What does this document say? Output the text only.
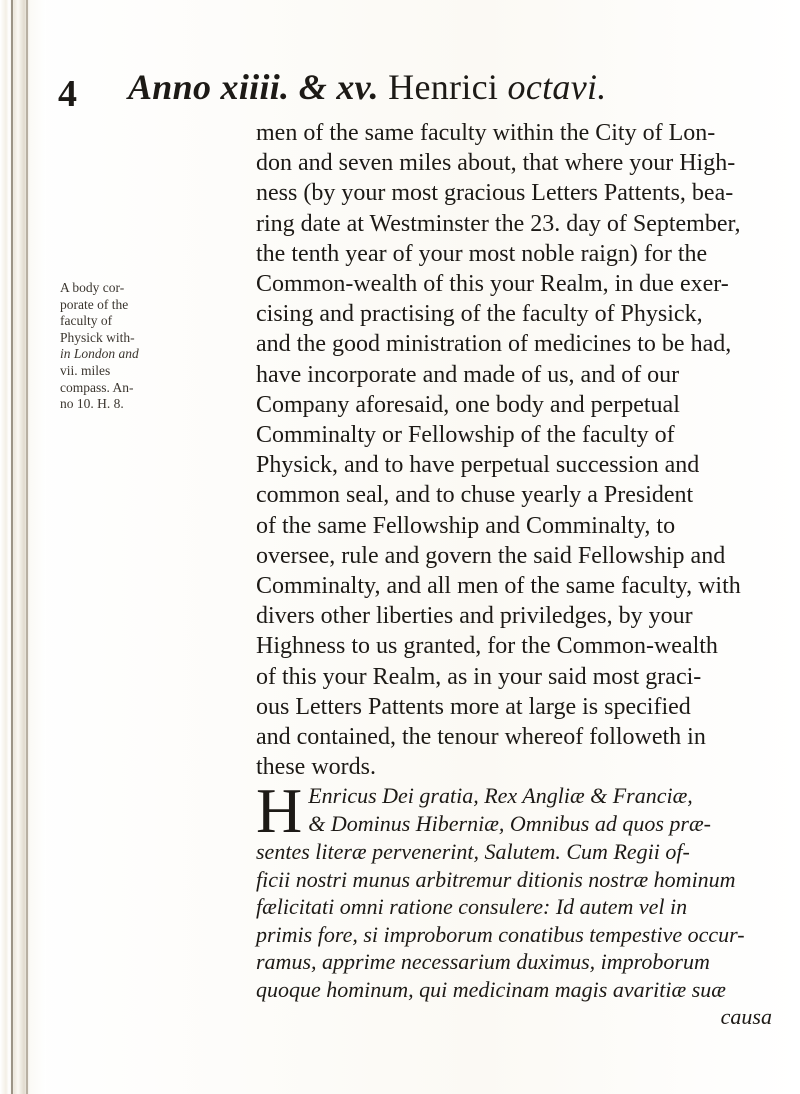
4 Anno xiiii. & xv. Henrici octavi.
A body cor-
porate of the
faculty of
Physick with-
in London and
vii. miles
compass. An-
no 10. H. 8.
men of the same faculty within the City of Lon-
don and seven miles about, that where your High-
ness (by your most gracious Letters Pattents, bea-
ring date at Westminster the 23. day of September,
the tenth year of your most noble raign) for the
Common-wealth of this your Realm, in due exer-
cising and practising of the faculty of Physick,
and the good ministration of medicines to be had,
have incorporate and made of us, and of our
Company aforesaid, one body and perpetual
Comminalty or Fellowship of the faculty of
Physick, and to have perpetual succession and
common seal, and to chuse yearly a President
of the same Fellowship and Comminalty, to
oversee, rule and govern the said Fellowship and
Comminalty, and all men of the same faculty, with
divers other liberties and priviledges, by your
Highness to us granted, for the Common-wealth
of this your Realm, as in your said most graci-
ous Letters Pattents more at large is specified
and contained, the tenour whereof followeth in
these words.
H Enricus Dei gratia, Rex Angliæ & Franciæ,
& Dominus Hiberniæ, Omnibus ad quos præ-
sentes literæ pervenerint, Salutem. Cum Regii of-
ficii nostri munus arbitremur ditionis nostræ hominum
fælicitati omni ratione consulere: Id autem vel in
primis fore, si improborum conatibus tempestive occur-
ramus, apprime necessarium duximus, improborum
quoque hominum, qui medicinam magis avaritiæ suæ
causa
